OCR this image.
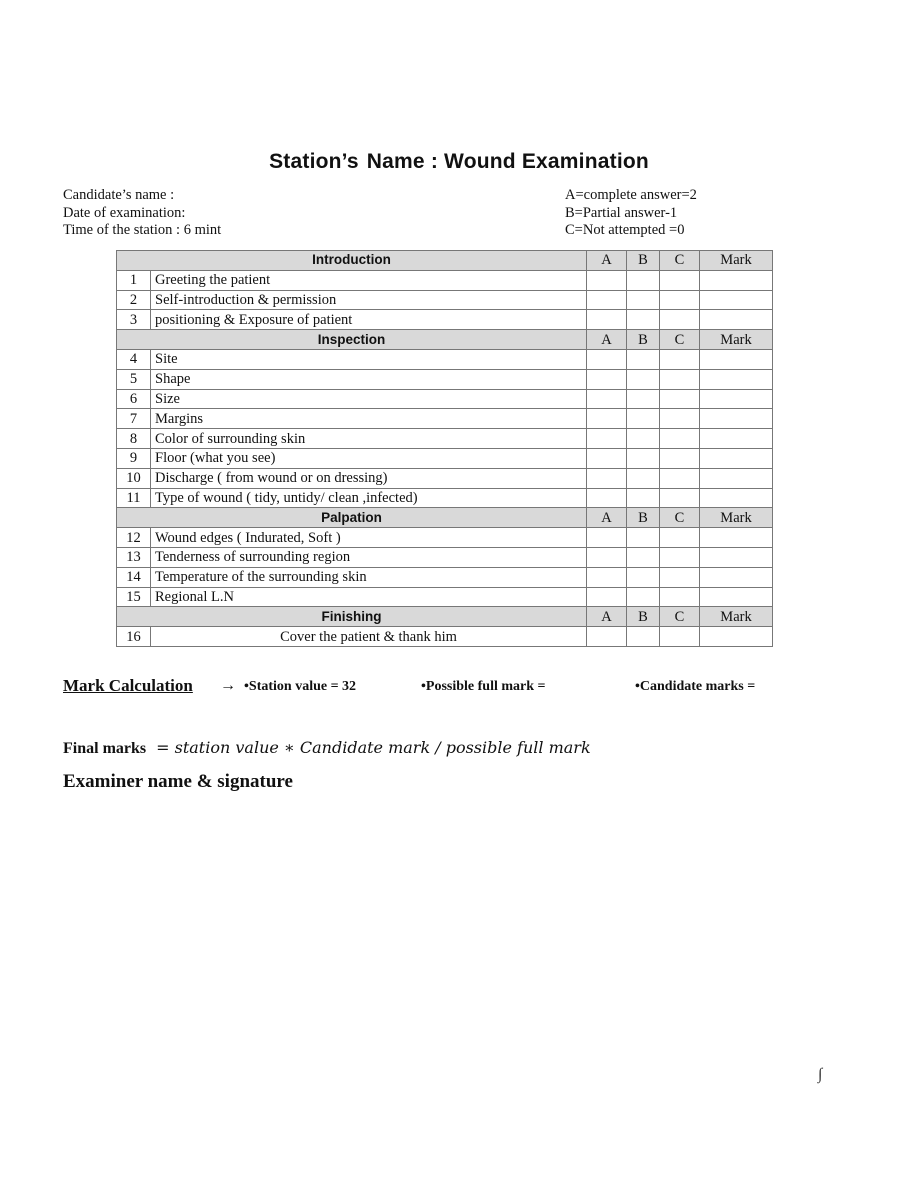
Station’s Name : Wound Examination
Candidate’s name :
Date of examination:
Time of the station : 6 mint
A=complete answer=2
B=Partial answer-1
C=Not attempted =0
Introduction		A	B	C	Mark
1	Greeting the patient				
2	Self-introduction & permission				
3	positioning & Exposure of patient				
Inspection		A	B	C	Mark
4	Site				
5	Shape				
6	Size				
7	Margins				
8	Color of surrounding skin				
9	Floor (what you see)				
10	Discharge ( from wound or on dressing)				
11	Type of wound ( tidy, untidy/ clean ,infected)				
Palpation		A	B	C	Mark
12	Wound edges ( Indurated, Soft )				
13	Tenderness of surrounding region				
14	Temperature of the surrounding skin				
15	Regional L.N				
Finishing		A	B	C	Mark
16	Cover the patient & thank him				
Mark Calculation → •Station value = 32	•Possible full mark =	•Candidate marks =
Final marks = station value ∗ Candidate mark / possible full mark
Examiner name & signature
∫
